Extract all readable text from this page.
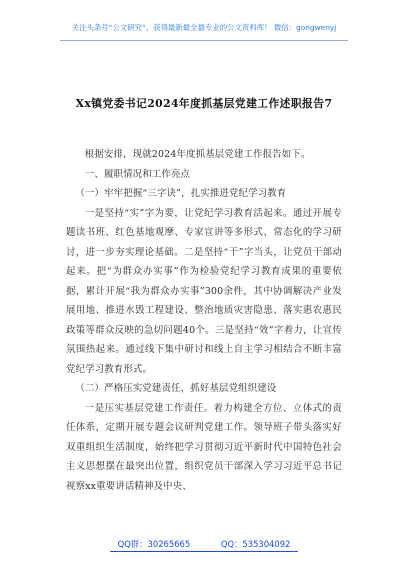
关注头条号“公文研究”，获得最新最全最专业的公文资料库！ 微信：gongwenyj
Xx镇党委书记2024年度抓基层党建工作述职报告7

根据安排，现就2024年度抓基层党建工作报告如下。

一、履职情况和工作亮点

（一）牢牢把握“三字诀”，扎实推进党纪学习教育

一是坚持“实”字为要，让党纪学习教育活起来。通过开展专题读书班、红色基地观摩、专家宣讲等多形式、常态化的学习研讨，进一步夯实理论基础。二是坚持“干”字当头，让党员干部动起来。把“为群众办实事”作为检验党纪学习教育成果的重要依据，累计开展“我为群众办实事”300余件，其中协调解决产业发展用地、推进水毁工程建设、整治地质灾害隐患、落实惠农惠民政策等群众反映的急切问题40个。三是坚持“效”字着力，让宣传氛围热起来。通过线下集中研讨和线上自主学习相结合不断丰富党纪学习教育形式。

（二）严格压实党建责任，抓好基层党组织建设

一是压实基层党建工作责任。着力构建全方位、立体式的责任体系，定期开展专题会议研判党建工作。领导班子带头落实好双重组织生活制度，始终把学习贯彻习近平新时代中国特色社会主义思想摆在最突出位置，组织党员干部深入学习习近平总书记视察xx重要讲话精神及中央、

QQ群：30265665	QQ：535304092
